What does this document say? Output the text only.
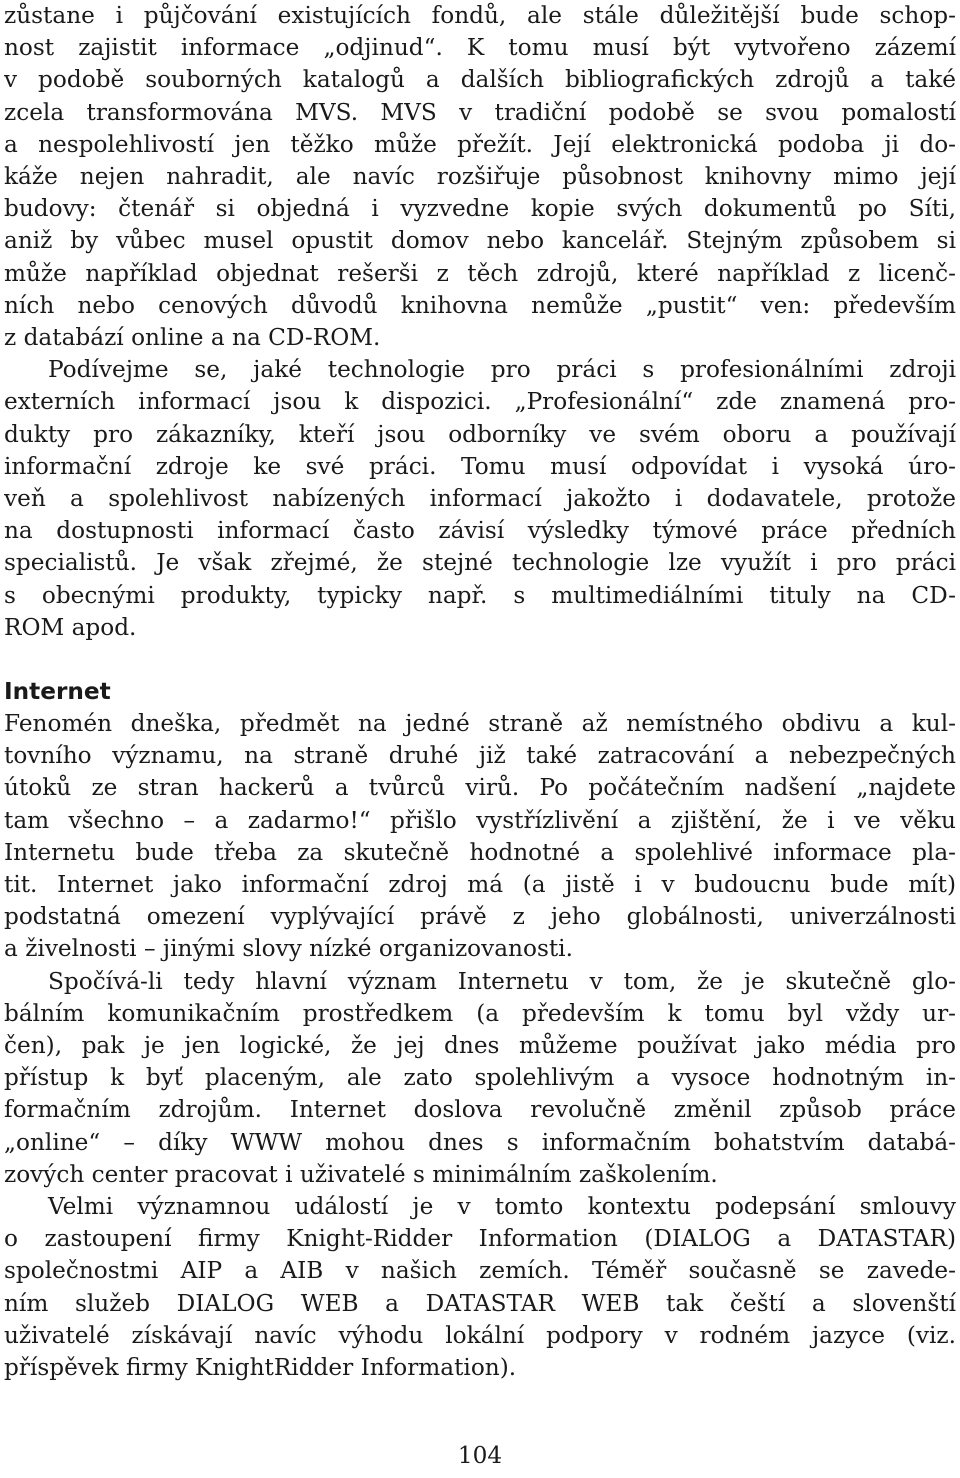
zůstane i půjčování existujících fondů, ale stále důležitější bude schop-
nost zajistit informace „odjinud“. K tomu musí být vytvořeno zázemí
v podobě souborných katalogů a dalších bibliografických zdrojů a také
zcela transformována MVS. MVS v tradiční podobě se svou pomalostí
a nespolehlivostí jen těžko může přežít. Její elektronická podoba ji do-
káže nejen nahradit, ale navíc rozšiřuje působnost knihovny mimo její
budovy: čtenář si objedná i vyzvedne kopie svých dokumentů po Síti,
aniž by vůbec musel opustit domov nebo kancelář. Stejným způsobem si
může například objednat rešerši z těch zdrojů, které například z licenč-
ních nebo cenových důvodů knihovna nemůže „pustit“ ven: především
z databází online a na CD-ROM.
Podívejme se, jaké technologie pro práci s profesionálními zdroji
externích informací jsou k dispozici. „Profesionální“ zde znamená pro-
dukty pro zákazníky, kteří jsou odborníky ve svém oboru a používají
informační zdroje ke své práci. Tomu musí odpovídat i vysoká úro-
veň a spolehlivost nabízených informací jakožto i dodavatele, protože
na dostupnosti informací často závisí výsledky týmové práce předních
specialistů. Je však zřejmé, že stejné technologie lze využít i pro práci
s obecnými produkty, typicky např. s multimediálními tituly na CD-
ROM apod.
Internet
Fenomén dneška, předmět na jedné straně až nemístného obdivu a kul-
tovního významu, na straně druhé již také zatracování a nebezpečných
útoků ze stran hackerů a tvůrců virů. Po počátečním nadšení „najdete
tam všechno – a zadarmo!“ přišlo vystřízlivění a zjištění, že i ve věku
Internetu bude třeba za skutečně hodnotné a spolehlivé informace pla-
tit. Internet jako informační zdroj má (a jistě i v budoucnu bude mít)
podstatná omezení vyplývající právě z jeho globálnosti, univerzálnosti
a živelnosti – jinými slovy nízké organizovanosti.
Spočívá-li tedy hlavní význam Internetu v tom, že je skutečně glo-
bálním komunikačním prostředkem (a především k tomu byl vždy ur-
čen), pak je jen logické, že jej dnes můžeme používat jako média pro
přístup k byť placeným, ale zato spolehlivým a vysoce hodnotným in-
formačním zdrojům. Internet doslova revolučně změnil způsob práce
„online“ – díky WWW mohou dnes s informačním bohatstvím databá-
zových center pracovat i uživatelé s minimálním zaškolením.
Velmi významnou událostí je v tomto kontextu podepsání smlouvy
o zastoupení firmy Knight-Ridder Information (DIALOG a DATASTAR)
společnostmi AIP a AIB v našich zemích. Téměř současně se zavede-
ním služeb DIALOG WEB a DATASTAR WEB tak čeští a slovenští
uživatelé získávají navíc výhodu lokální podpory v rodném jazyce (viz.
příspěvek firmy KnightRidder Information).
104
